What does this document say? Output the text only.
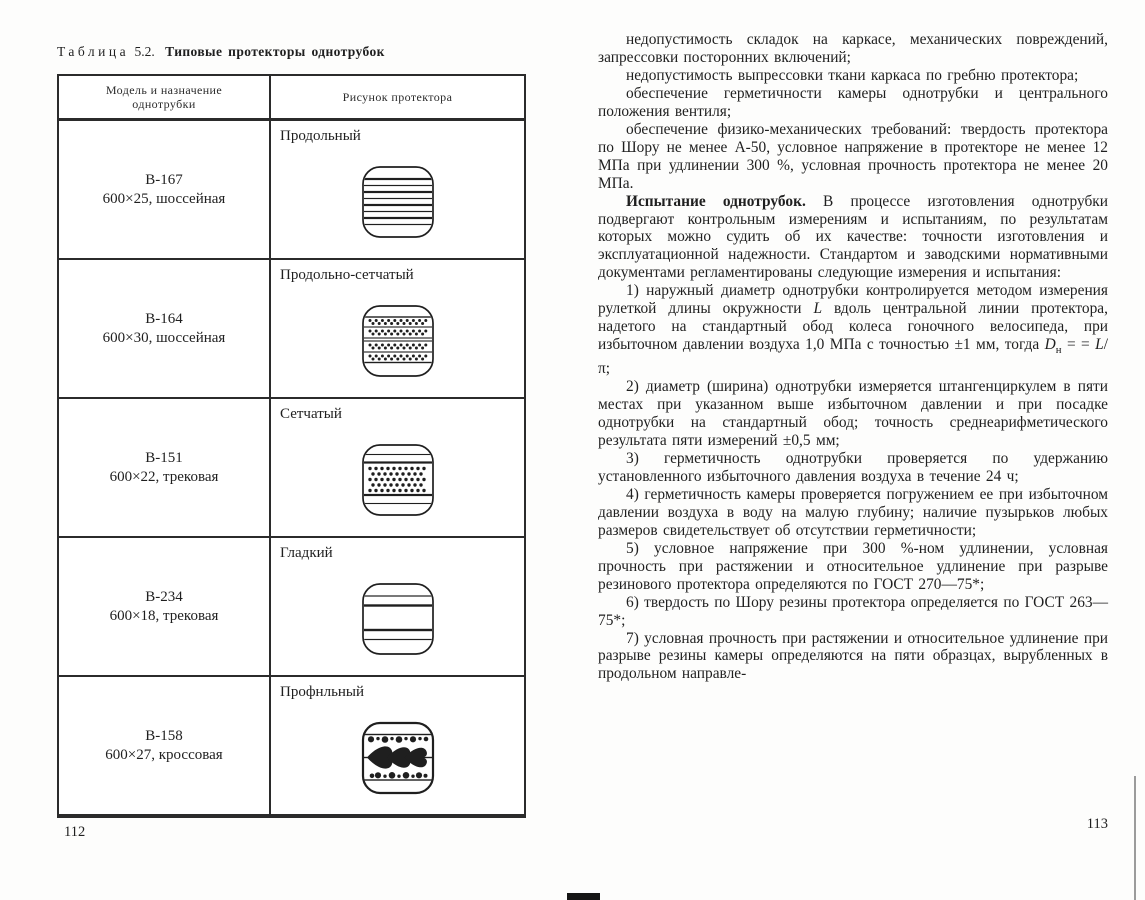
Таблица 5.2. Типовые протекторы однотрубок
Модель и назначение однотрубки	Рисунок протектора
В-167
600×25, шоссейная
Продольный
В-164
600×30, шоссейная
Продольно-сетчатый
В-151
600×22, трековая
Сетчатый
В-234
600×18, трековая
Гладкий
В-158
600×27, кроссовая
Профнльный
112

недопустимость складок на каркасе, механических повреждений, запрессовки посторонних включений;

недопустимость выпрессовки ткани каркаса по гребню протектора;

обеспечение герметичности камеры однотрубки и центрального положения вентиля;

обеспечение физико-механических требований: твердость протектора по Шору не менее А-50, условное напряжение в протекторе не менее 12 МПа при удлинении 300 %, условная прочность протектора не менее 20 МПа.

Испытание однотрубок. В процессе изготовления однотрубки подвергают контрольным измерениям и испытаниям, по результатам которых можно судить об их качестве: точности изготовления и эксплуатационной надежности. Стандартом и заводскими нормативными документами регламентированы следующие измерения и испытания:

1) наружный диаметр однотрубки контролируется методом измерения рулеткой длины окружности L вдоль центральной линии протектора, надетого на стандартный обод колеса гоночного велосипеда, при избыточном давлении воздуха 1,0 МПа с точностью ±1 мм, тогда $D_н$ = = L/π;

2) диаметр (ширина) однотрубки измеряется штангенциркулем в пяти местах при указанном выше избыточном давлении и при посадке однотрубки на стандартный обод; точность среднеарифметического результата пяти измерений ±0,5 мм;

3) герметичность однотрубки проверяется по удержанию установленного избыточного давления воздуха в течение 24 ч;

4) герметичность камеры проверяется погружением ее при избыточном давлении воздуха в воду на малую глубину; наличие пузырьков любых размеров свидетельствует об отсутствии герметичности;

5) условное напряжение при 300 %-ном удлинении, условная прочность при растяжении и относительное удлинение при разрыве резинового протектора определяются по ГОСТ 270—75*;

6) твердость по Шору резины протектора определяется по ГОСТ 263—75*;

7) условная прочность при растяжении и относительное удлинение при разрыве резины камеры определяются на пяти образцах, вырубленных в продольном направле-

113
